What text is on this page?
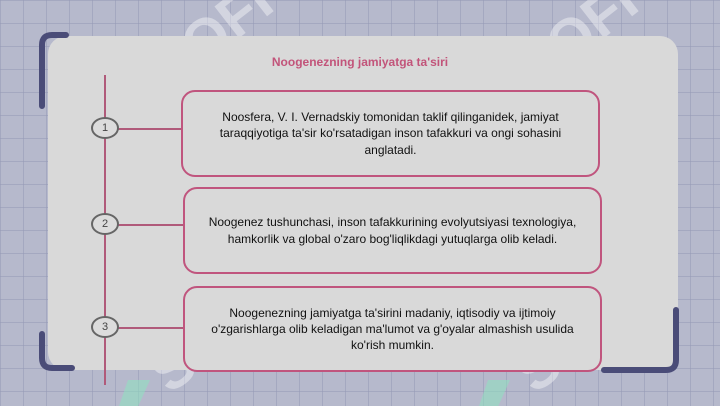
Noogenezning jamiyatga ta'siri

1
2
3
Noosfera, V. I. Vernadskiy tomonidan taklif qilinganidek, jamiyat taraqqiyotiga ta'sir ko'rsatadigan inson tafakkuri va ongi sohasini anglatadi.
Noogenez tushunchasi, inson tafakkurining evolyutsiyasi texnologiya, hamkorlik va global o'zaro bog'liqlikdagi yutuqlarga olib keladi.
Noogenezning jamiyatga ta'sirini madaniy, iqtisodiy va ijtimoiy o'zgarishlarga olib keladigan ma'lumot va g'oyalar almashish usulida ko'rish mumkin.
